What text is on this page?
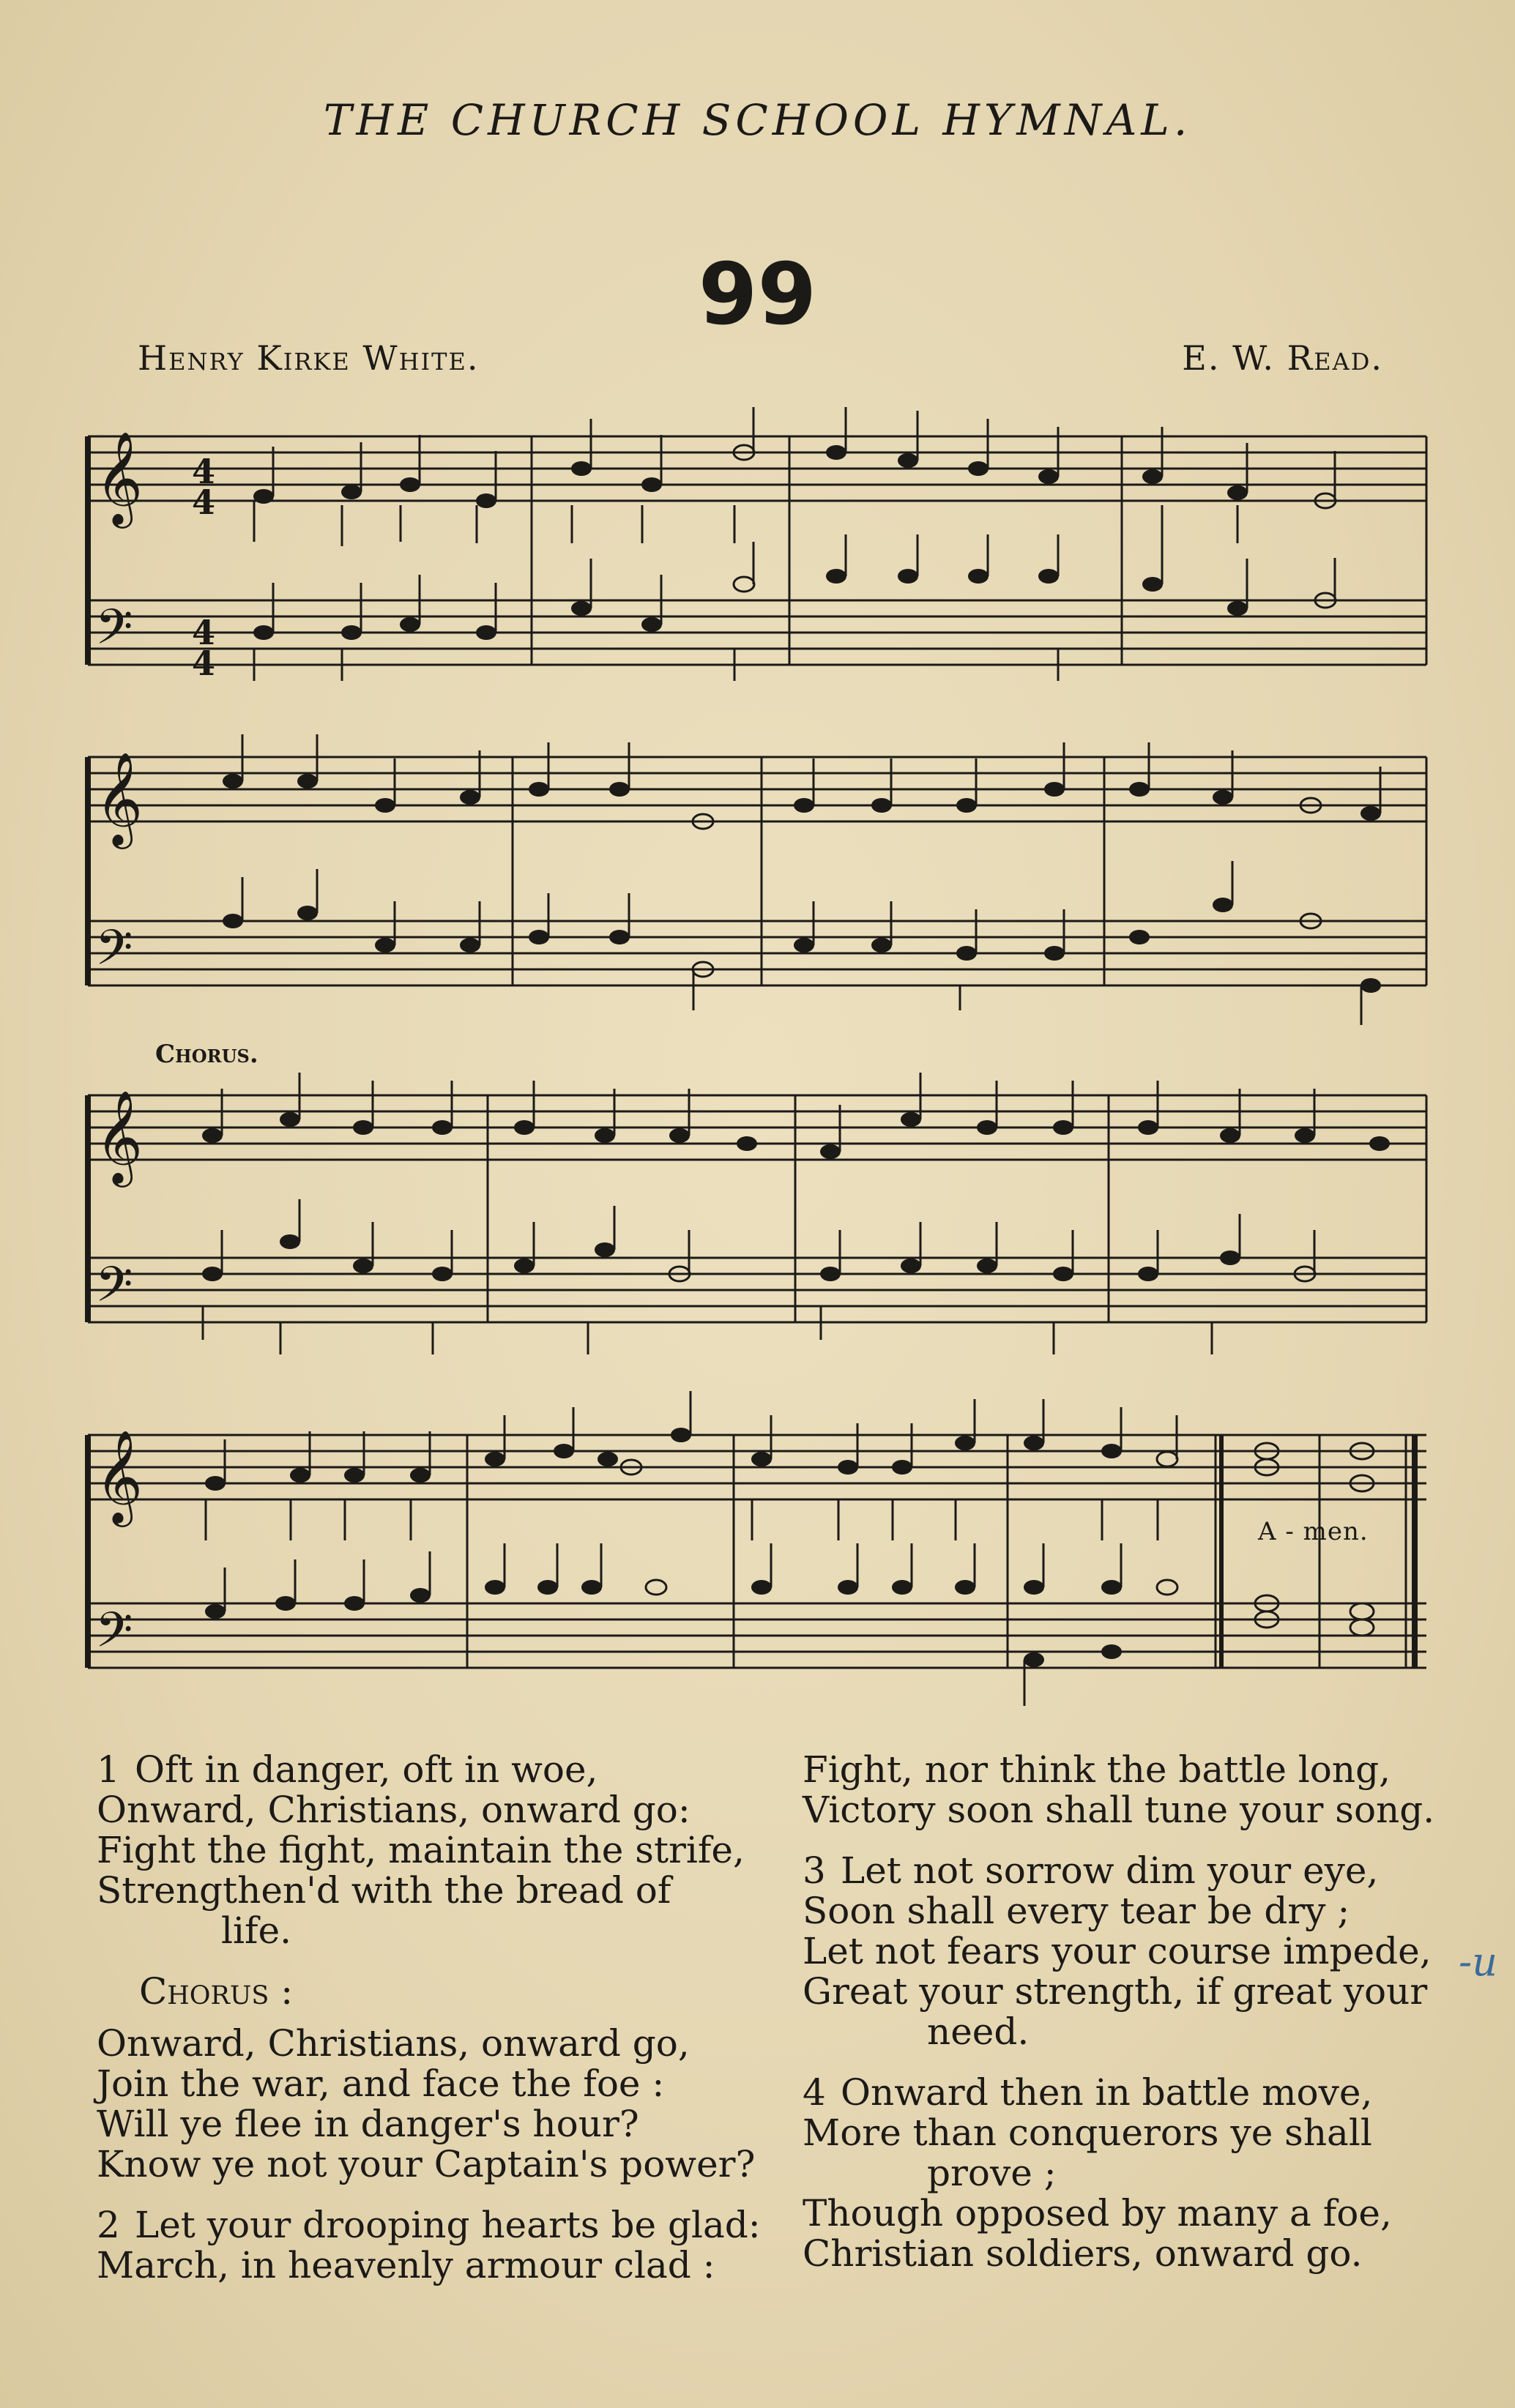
THE CHURCH SCHOOL HYMNAL.
99
Henry Kirke White.	E. W. Read.
𝄞
𝄢
4
4
4
4
𝄞
𝄢
𝄞
𝄢
𝄞
𝄢
Chorus.
A - men.
1 Oft in danger, oft in woe,
Onward, Christians, onward go:
Fight the fight, maintain the strife,
Strengthen'd with the bread of
life.
Chorus :
Onward, Christians, onward go,
Join the war, and face the foe :
Will ye flee in danger's hour?
Know ye not your Captain's power?
2 Let your drooping hearts be glad:
March, in heavenly armour clad :
Fight, nor think the battle long,
Victory soon shall tune your song.
3 Let not sorrow dim your eye,
Soon shall every tear be dry ;
Let not fears your course impede,
Great your strength, if great your
need.
4 Onward then in battle move,
More than conquerors ye shall
prove ;
Though opposed by many a foe,
Christian soldiers, onward go.
-u
